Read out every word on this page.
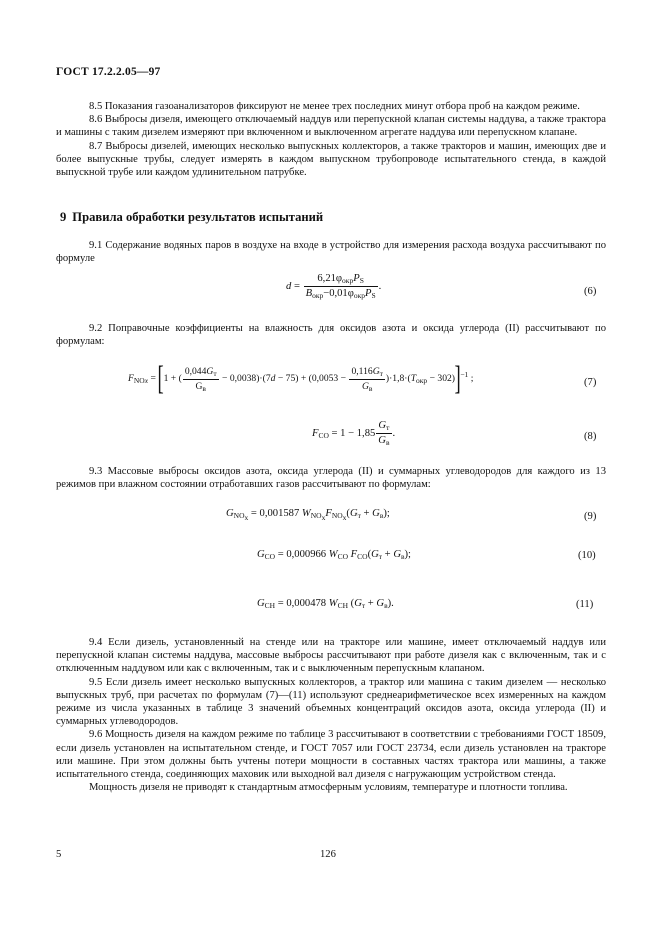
ГОСТ 17.2.2.05—97

8.5 Показания газоанализаторов фиксируют не менее трех последних минут отбора проб на каждом режиме.

8.6 Выбросы дизеля, имеющего отключаемый наддув или перепускной клапан системы наддува, а также трактора и машины с таким дизелем измеряют при включенном и выключенном агрегате наддува или перепускном клапане.

8.7 Выбросы дизелей, имеющих несколько выпускных коллекторов, а также тракторов и машин, имеющих две и более выпускные трубы, следует измерять в каждом выпускном трубопроводе испытательного стенда, в каждой выпускной трубе или каждом удлинительном патрубке.

9 Правила обработки результатов испытаний

9.1 Содержание водяных паров в воздухе на входе в устройство для измерения расхода воздуха рассчитывают по формуле

$d = \frac{6,21\varphi_{окр}P_S}{B_{окр}-0,01\varphi_{окр}P_S}$ .	(6)

9.2 Поправочные коэффициенты на влажность для оксидов азота и оксида углерода (II) рассчитывают по формулам:

$F_{NOx} = [1$ + ( $\frac{0,044G_т}{G_в} - 0,0038)\cdot(7d - 75) + (0,0053 - \frac{0,116G_т}{G_в} )\cdot 1,8\cdot(T_{окр} - 302)]^{-1}$ ;	(7)
$F_{CO} = 1 - 1,85 \frac{G_т}{G_в}$ .	(8)

9.3 Массовые выбросы оксидов азота, оксида углерода (II) и суммарных углеводородов для каждого из 13 режимов при влажном состоянии отработавших газов рассчитывают по формулам:

$G_{NO_x} = 0,001587$ $W_{NO_x}F_{NO_x}(G_т + G_в)$;	(9)
$G_{CO} = 0,000966$ $W_{CO}$ $F_{CO}(G_т + G_в)$;	(10)
$G_{CH} = 0,000478$ $W_{CH}$ $(G_т + G_в)$.	(11)

9.4 Если дизель, установленный на стенде или на тракторе или машине, имеет отключаемый наддув или перепускной клапан системы наддува, массовые выбросы рассчитывают при работе дизеля как с включенным, так и с отключенным наддувом или как с включенным, так и с выключенным перепускным клапаном.

9.5 Если дизель имеет несколько выпускных коллекторов, а трактор или машина с таким дизелем — несколько выпускных труб, при расчетах по формулам (7)—(11) используют среднеарифметическое всех измеренных на каждом режиме из числа указанных в таблице 3 значений объемных концентраций оксидов азота, оксида углерода (II) и суммарных углеводородов.

9.6 Мощность дизеля на каждом режиме по таблице 3 рассчитывают в соответствии с требованиями ГОСТ 18509, если дизель установлен на испытательном стенде, и ГОСТ 7057 или ГОСТ 23734, если дизель установлен на тракторе или машине. При этом должны быть учтены потери мощности в составных частях трактора или машины, а также испытательного стенда, соединяющих маховик или выходной вал дизеля с нагружающим устройством стенда.

Мощность дизеля не приводят к стандартным атмосферным условиям, температуре и плотности топлива.

5	126
